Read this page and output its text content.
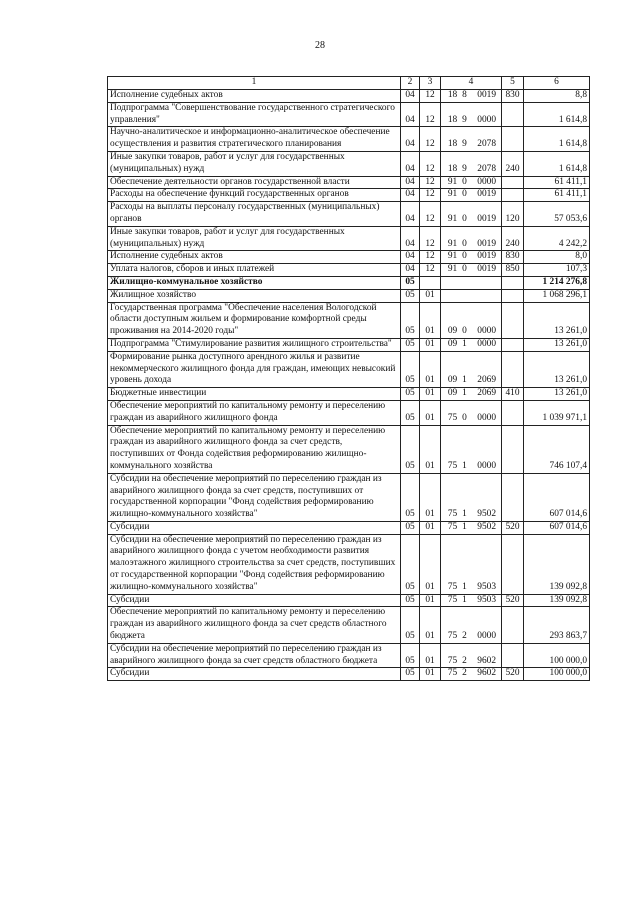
28
1	2	3	4	5	6
Исполнение судебных актов	04	12	18 8 0019	830	8,8
Подпрограмма "Совершенствование государственного стратегического управления"	04	12	18 9 0000		1 614,8
Научно-аналитическое и информационно-аналитическое обеспечение осуществления и развития стратегического планирования	04	12	18 9 2078		1 614,8
Иные закупки товаров, работ и услуг для государственных (муниципальных) нужд	04	12	18 9 2078	240	1 614,8
Обеспечение деятельности органов государственной власти	04	12	91 0 0000		61 411,1
Расходы на обеспечение функций государственных органов	04	12	91 0 0019		61 411,1
Расходы на выплаты персоналу государственных (муниципальных) органов	04	12	91 0 0019	120	57 053,6
Иные закупки товаров, работ и услуг для государственных (муниципальных) нужд	04	12	91 0 0019	240	4 242,2
Исполнение судебных актов	04	12	91 0 0019	830	8,0
Уплата налогов, сборов и иных платежей	04	12	91 0 0019	850	107,3
Жилищно-коммунальное хозяйство	05				1 214 276,8
Жилищное хозяйство	05	01			1 068 296,1
Государственная программа "Обеспечение населения Вологодской области доступным жильем и формирование комфортной среды проживания на 2014-2020 годы"	05	01	09 0 0000		13 261,0
Подпрограмма "Стимулирование развития жилищного строительства"	05	01	09 1 0000		13 261,0
Формирование рынка доступного арендного жилья и развитие некоммерческого жилищного фонда для граждан, имеющих невысокий уровень дохода	05	01	09 1 2069		13 261,0
Бюджетные инвестиции	05	01	09 1 2069	410	13 261,0
Обеспечение мероприятий по капитальному ремонту и переселению граждан из аварийного жилищного фонда	05	01	75 0 0000		1 039 971,1
Обеспечение мероприятий по капитальному ремонту и переселению граждан из аварийного жилищного фонда за счет средств, поступивших от Фонда содействия реформированию жилищно-коммунального хозяйства	05	01	75 1 0000		746 107,4
Субсидии на обеспечение мероприятий по переселению граждан из аварийного жилищного фонда за счет средств, поступивших от государственной корпорации "Фонд содействия реформированию жилищно-коммунального хозяйства"	05	01	75 1 9502		607 014,6
Субсидии	05	01	75 1 9502	520	607 014,6
Субсидии на обеспечение мероприятий по переселению граждан из аварийного жилищного фонда с учетом необходимости развития малоэтажного жилищного строительства за счет средств, поступивших от государственной корпорации "Фонд содействия реформированию жилищно-коммунального хозяйства"	05	01	75 1 9503		139 092,8
Субсидии	05	01	75 1 9503	520	139 092,8
Обеспечение мероприятий по капитальному ремонту и переселению граждан из аварийного жилищного фонда за счет средств областного бюджета	05	01	75 2 0000		293 863,7
Субсидии на обеспечение мероприятий по переселению граждан из аварийного жилищного фонда за счет средств областного бюджета	05	01	75 2 9602		100 000,0
Субсидии	05	01	75 2 9602	520	100 000,0
